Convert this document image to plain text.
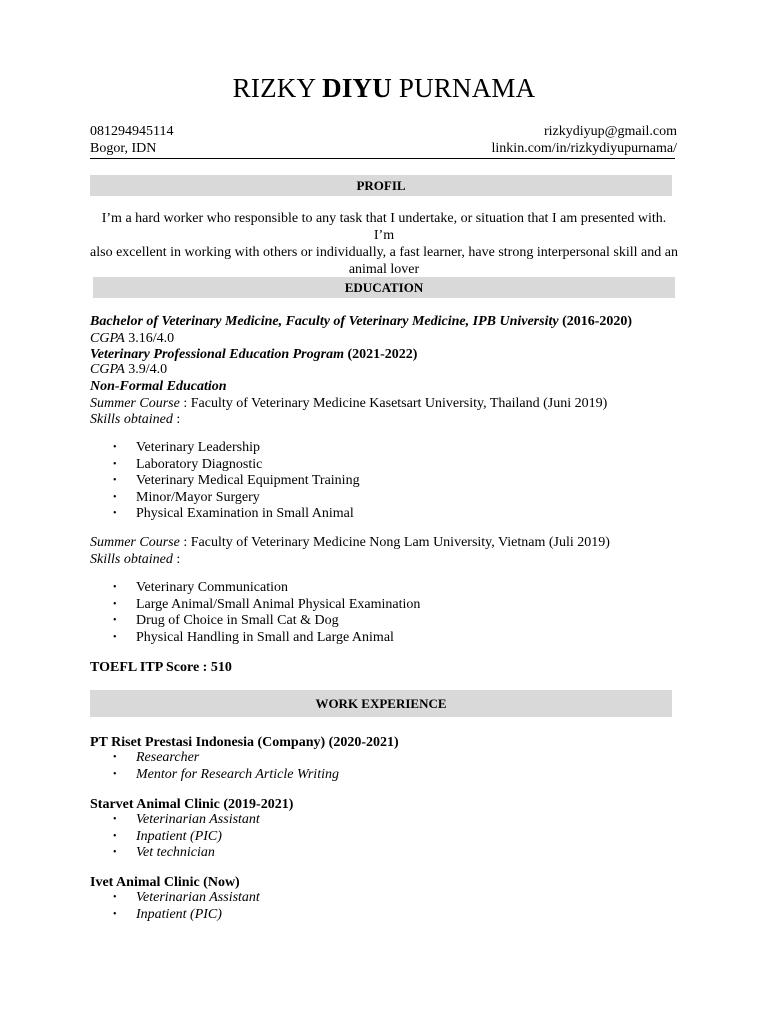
RIZKY DIYU PURNAMA
081294945114
Bogor, IDN
rizkydiyup@gmail.com
linkin.com/in/rizkydiyupurnama/
PROFIL
I’m a hard worker who responsible to any task that I undertake, or situation that I am presented with. I’m
also excellent in working with others or individually, a fast learner, have strong interpersonal skill and an
animal lover
EDUCATION
Bachelor of Veterinary Medicine, Faculty of Veterinary Medicine, IPB University (2016-2020)
CGPA 3.16/4.0
Veterinary Professional Education Program (2021-2022)
CGPA 3.9/4.0
Non-Formal Education
Summer Course : Faculty of Veterinary Medicine Kasetsart University, Thailand (Juni 2019)
Skills obtained :
• Veterinary Leadership
• Laboratory Diagnostic
• Veterinary Medical Equipment Training
• Minor/Mayor Surgery
• Physical Examination in Small Animal
Summer Course : Faculty of Veterinary Medicine Nong Lam University, Vietnam (Juli 2019)
Skills obtained :
• Veterinary Communication
• Large Animal/Small Animal Physical Examination
• Drug of Choice in Small Cat & Dog
• Physical Handling in Small and Large Animal
TOEFL ITP Score : 510
WORK EXPERIENCE
PT Riset Prestasi Indonesia (Company) (2020-2021)
• Researcher
• Mentor for Research Article Writing
Starvet Animal Clinic (2019-2021)
• Veterinarian Assistant
• Inpatient (PIC)
• Vet technician
Ivet Animal Clinic (Now)
• Veterinarian Assistant
• Inpatient (PIC)
